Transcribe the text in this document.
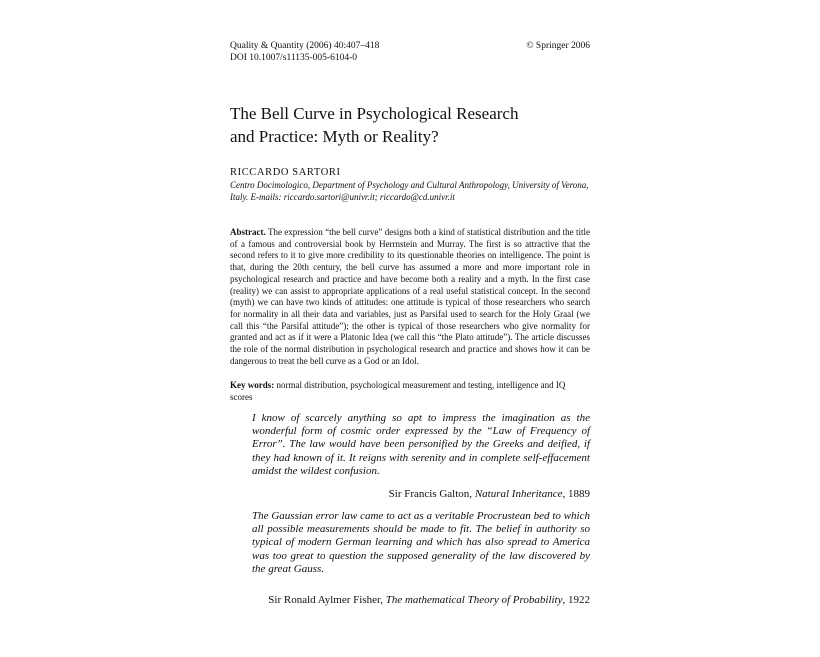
Quality & Quantity (2006) 40:407–418	© Springer 2006
DOI 10.1007/s11135-005-6104-0
The Bell Curve in Psychological Research
and Practice: Myth or Reality?
RICCARDO SARTORI
Centro Docimologico, Department of Psychology and Cultural Anthropology, University of Verona, Italy. E-mails: riccardo.sartori@univr.it; riccardo@cd.univr.it
Abstract. The expression “the bell curve” designs both a kind of statistical distribution and the title of a famous and controversial book by Herrnstein and Murray. The first is so attractive that the second refers to it to give more credibility to its questionable theories on intelligence. The point is that, during the 20th century, the bell curve has assumed a more and more important role in psychological research and practice and have become both a reality and a myth. In the first case (reality) we can assist to appropriate applications of a real useful statistical concept. In the second (myth) we can have two kinds of attitudes: one attitude is typical of those researchers who search for normality in all their data and variables, just as Parsifal used to search for the Holy Graal (we call this “the Parsifal attitude”); the other is typical of those researchers who give normality for granted and act as if it were a Platonic Idea (we call this “the Plato attitude”). The article discusses the role of the normal distribution in psychological research and practice and shows how it can be dangerous to treat the bell curve as a God or an Idol.
Key words: normal distribution, psychological measurement and testing, intelligence and IQ scores
I know of scarcely anything so apt to impress the imagination as the wonderful form of cosmic order expressed by the “Law of Frequency of Error”. The law would have been personified by the Greeks and deified, if they had known of it. It reigns with serenity and in complete self-effacement amidst the wildest confusion.
Sir Francis Galton, Natural Inheritance, 1889
The Gaussian error law came to act as a veritable Procrustean bed to which all possible measurements should be made to fit. The belief in authority so typical of modern German learning and which has also spread to America was too great to question the supposed generality of the law discovered by the great Gauss.
Sir Ronald Aylmer Fisher, The mathematical Theory of Probability, 1922
